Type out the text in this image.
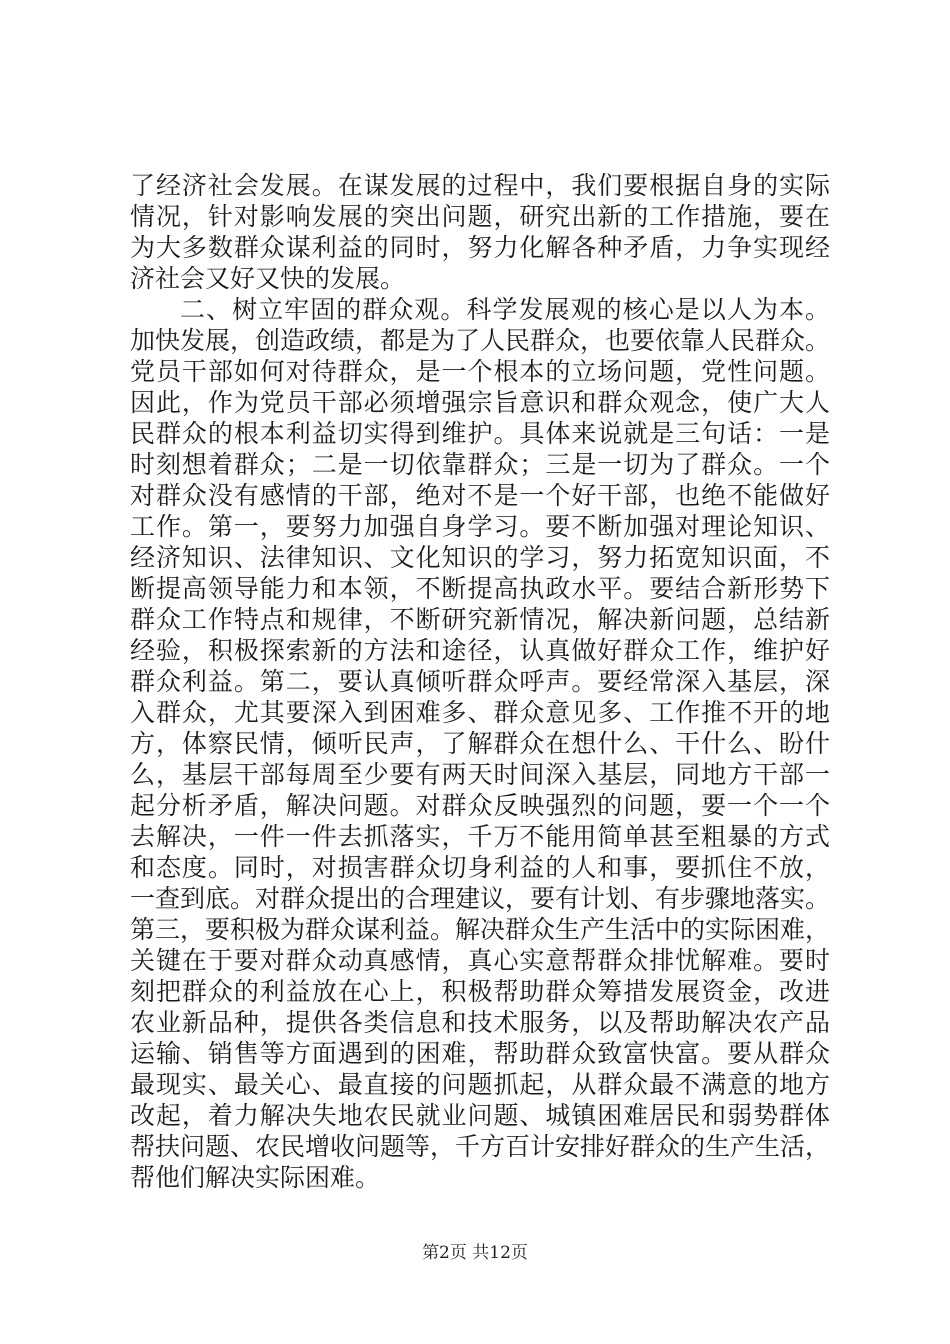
了经济社会发展。在谋发展的过程中，我们要根据自身的实际
情况，针对影响发展的突出问题，研究出新的工作措施，要在
为大多数群众谋利益的同时，努力化解各种矛盾，力争实现经
济社会又好又快的发展。
二、树立牢固的群众观。科学发展观的核心是以人为本。
加快发展，创造政绩，都是为了人民群众，也要依靠人民群众。
党员干部如何对待群众，是一个根本的立场问题，党性问题。
因此，作为党员干部必须增强宗旨意识和群众观念，使广大人
民群众的根本利益切实得到维护。具体来说就是三句话：一是
时刻想着群众；二是一切依靠群众；三是一切为了群众。一个
对群众没有感情的干部，绝对不是一个好干部，也绝不能做好
工作。第一，要努力加强自身学习。要不断加强对理论知识、
经济知识、法律知识、文化知识的学习，努力拓宽知识面，不
断提高领导能力和本领，不断提高执政水平。要结合新形势下
群众工作特点和规律，不断研究新情况，解决新问题，总结新
经验，积极探索新的方法和途径，认真做好群众工作，维护好
群众利益。第二，要认真倾听群众呼声。要经常深入基层，深
入群众，尤其要深入到困难多、群众意见多、工作推不开的地
方，体察民情，倾听民声，了解群众在想什么、干什么、盼什
么，基层干部每周至少要有两天时间深入基层，同地方干部一
起分析矛盾，解决问题。对群众反映强烈的问题，要一个一个
去解决，一件一件去抓落实，千万不能用简单甚至粗暴的方式
和态度。同时，对损害群众切身利益的人和事，要抓住不放，
一查到底。对群众提出的合理建议，要有计划、有步骤地落实。
第三，要积极为群众谋利益。解决群众生产生活中的实际困难，
关键在于要对群众动真感情，真心实意帮群众排忧解难。要时
刻把群众的利益放在心上，积极帮助群众筹措发展资金，改进
农业新品种，提供各类信息和技术服务，以及帮助解决农产品
运输、销售等方面遇到的困难，帮助群众致富快富。要从群众
最现实、最关心、最直接的问题抓起，从群众最不满意的地方
改起，着力解决失地农民就业问题、城镇困难居民和弱势群体
帮扶问题、农民增收问题等，千方百计安排好群众的生产生活，
帮他们解决实际困难。
第2页 共12页
